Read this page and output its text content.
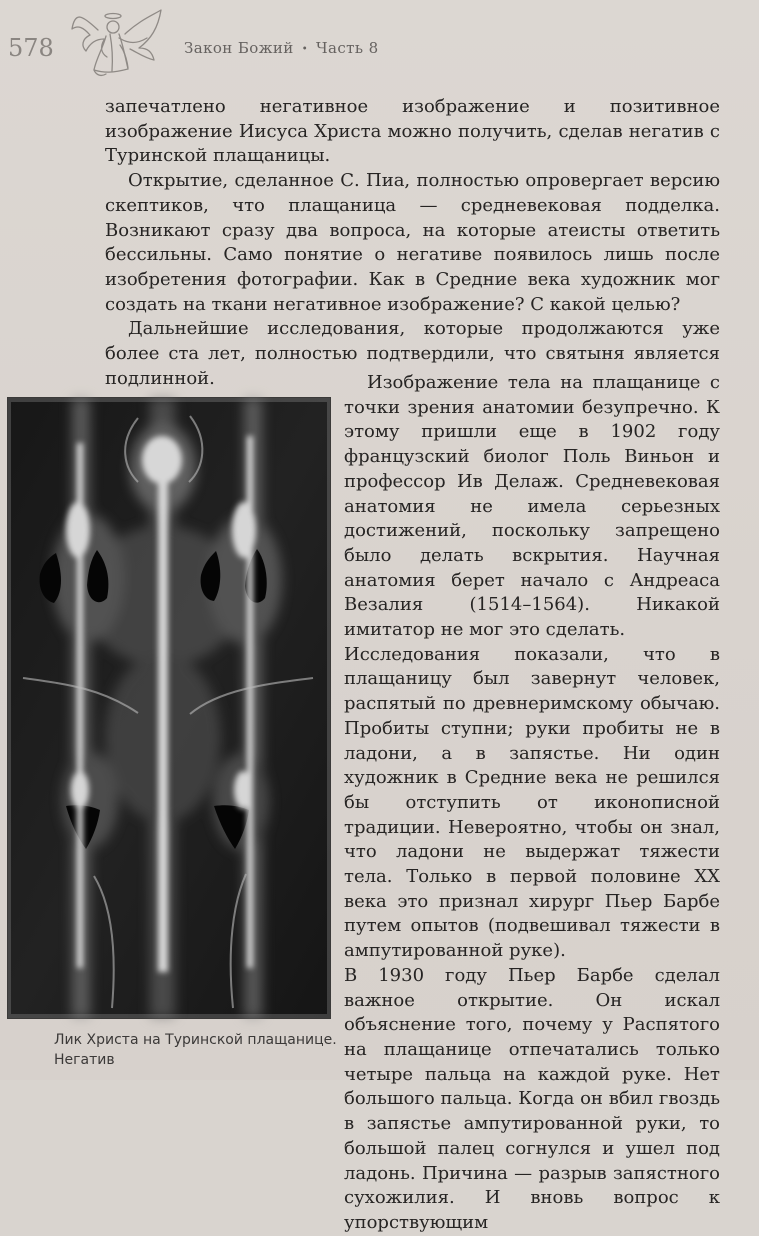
578	Закон Божий • Часть 8

запечатлено негативное изображение и позитивное изображение Иисуса Христа можно получить, сделав негатив с Туринской плащаницы.

Открытие, сделанное С. Пиа, полностью опровергает версию скептиков, что плащаница — средневековая подделка. Возникают сразу два вопроса, на которые атеисты ответить бессильны. Само понятие о негативе появилось лишь после изобретения фотографии. Как в Средние века художник мог создать на ткани негативное изображение? С какой целью?

Дальнейшие исследования, которые продолжаются уже более ста лет, полностью подтвердили, что святыня является подлинной.	Изображение тела на плащанице с точки зрения анатомии безупречно. К этому пришли еще в 1902 году французский биолог Поль Виньон и профессор Ив Делаж. Средневековая анатомия не имела серьезных достижений, поскольку запрещено было делать вскрытия. Научная анатомия берет начало с Андреаса Везалия (1514–1564). Никакой имитатор не мог это сделать.

Исследования показали, что в плащаницу был завернут человек, распятый по древнеримскому обычаю. Пробиты ступни; руки пробиты не в ладони, а в запястье. Ни один художник в Средние века не решился бы отступить от иконописной традиции. Невероятно, чтобы он знал, что ладони не выдержат тяжести тела. Только в первой половине XX века это признал хирург Пьер Барбе путем опытов (подвешивал тяжести в ампутированной руке).

В 1930 году Пьер Барбе сделал важное открытие. Он искал объяснение того, почему у Распятого на плащанице отпечатались только четыре пальца на каждой руке. Нет большого пальца. Когда он вбил гвоздь в запястье ампутированной руки, то большой палец согнулся и ушел под ладонь. Причина — разрыв запястного сухожилия. И вновь вопрос к упорствующим

Лик Христа на Туринской плащанице. Негатив
